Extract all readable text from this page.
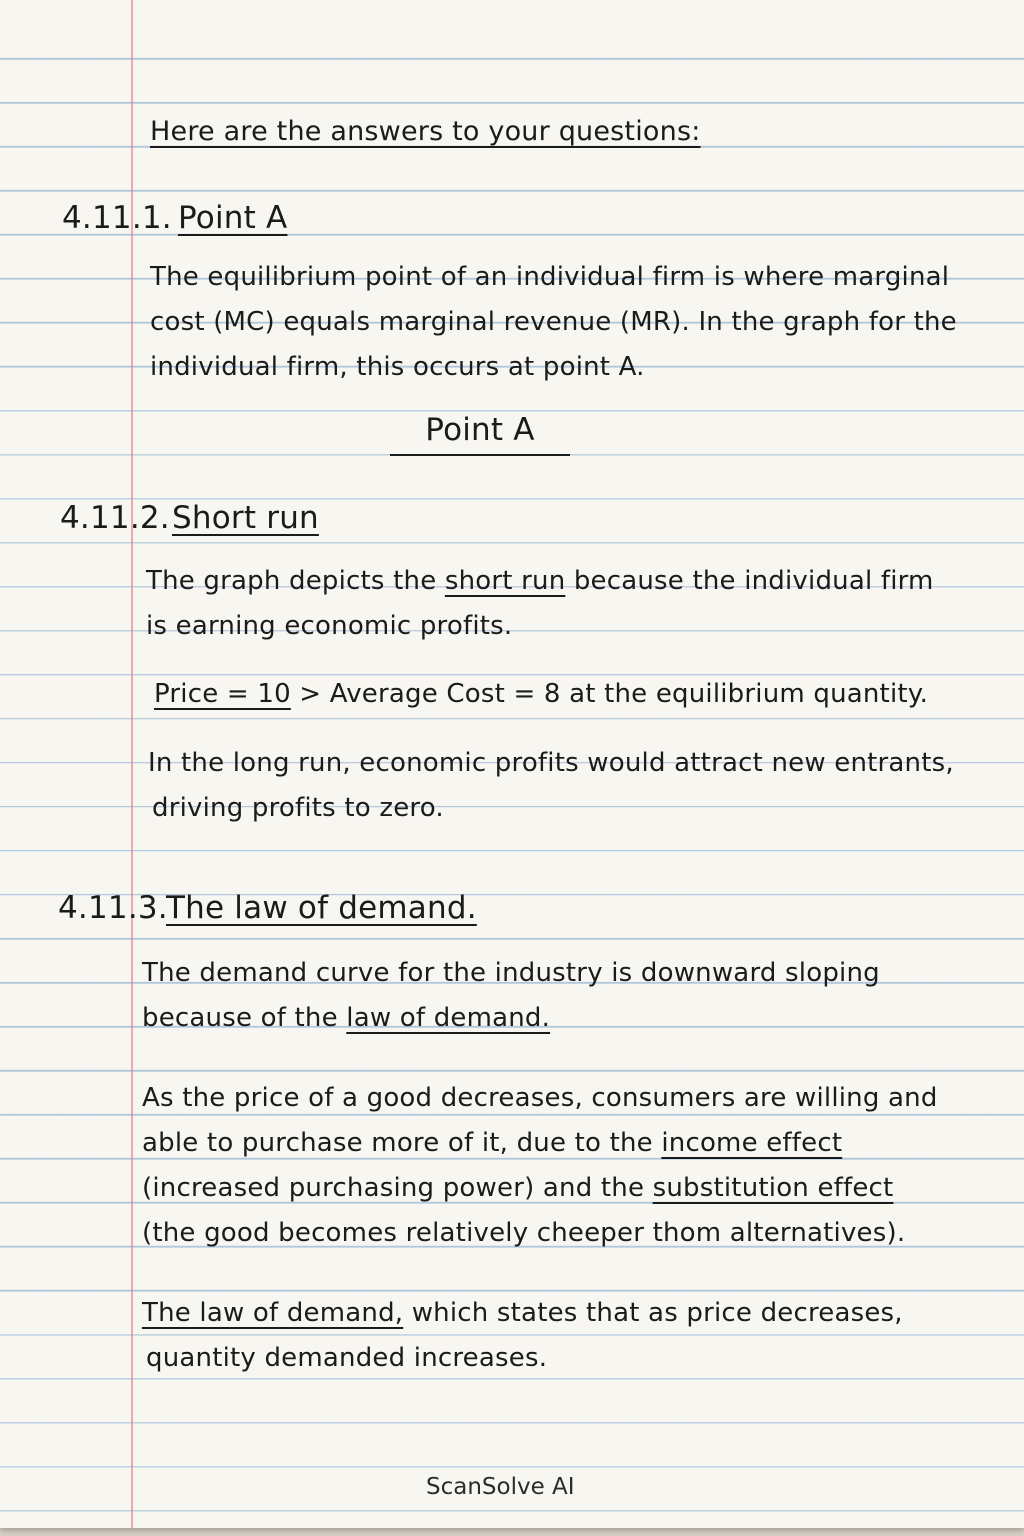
Here are the answers to your questions:
4.11.1. Point A
The equilibrium point of an individual firm is where marginal
cost (MC) equals marginal revenue (MR). In the graph for the
individual firm, this occurs at point A.
Point A
4.11.2. Short run
The graph depicts the short run because the individual firm
is earning economic profits.
Price = 10 > Average Cost = 8 at the equilibrium quantity.
In the long run, economic profits would attract new entrants,
driving profits to zero.
4.11.3.
The law of demand.
The demand curve for the industry is downward sloping
because of the law of demand.
As the price of a good decreases, consumers are willing and
able to purchase more of it, due to the income effect
(increased purchasing power) and the substitution effect
(the good becomes relatively cheeper thom alternatives).
The law of demand, which states that as price decreases,
quantity demanded increases.
ScanSolve AI
